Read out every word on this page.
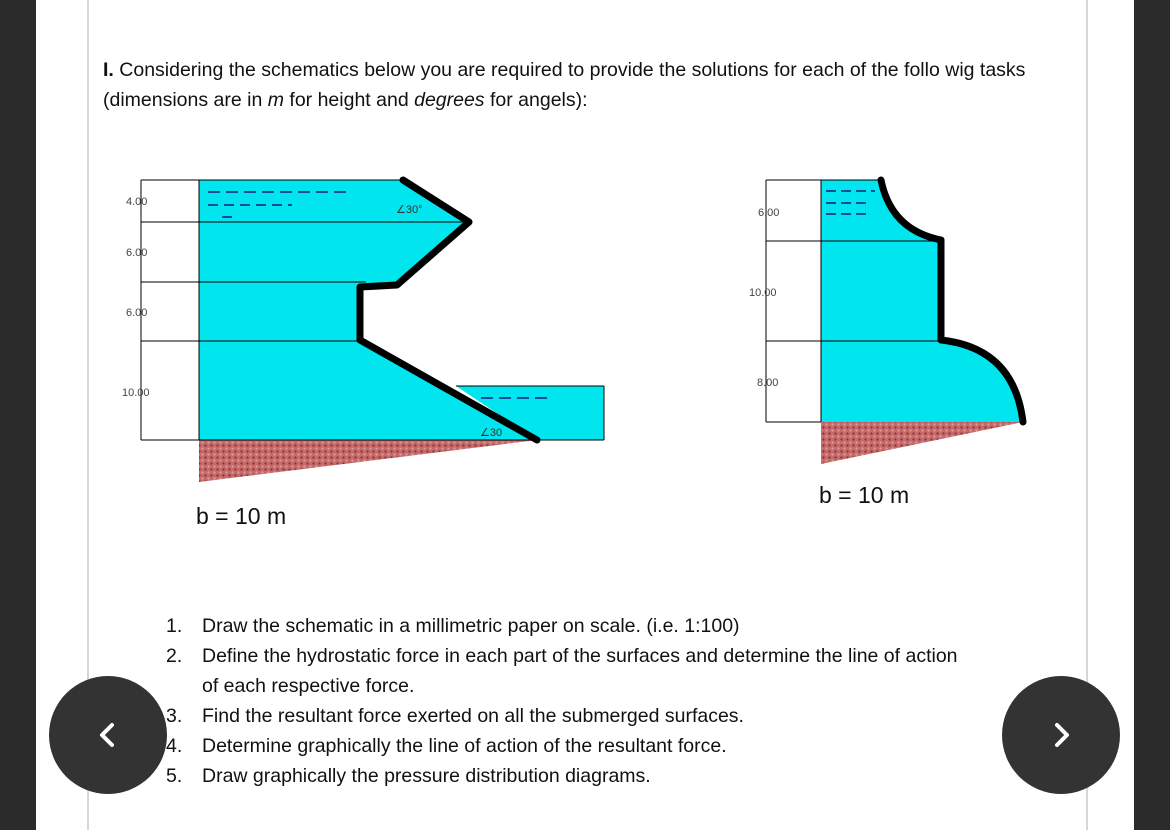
I. Considering the schematics below you are required to provide the solutions for each of the follo wig tasks (dimensions are in m for height and degrees for angels):
4.00
6.00
6.00
10.00
∠30°
∠30
b = 10 m
6.00
10.00
8.00
b = 10 m
1.	Draw the schematic in a millimetric paper on scale. (i.e. 1:100)
2.	Define the hydrostatic force in each part of the surfaces and determine the line of action
of each respective force.
3.	Find the resultant force exerted on all the submerged surfaces.
4.	Determine graphically the line of action of the resultant force.
5.	Draw graphically the pressure distribution diagrams.
